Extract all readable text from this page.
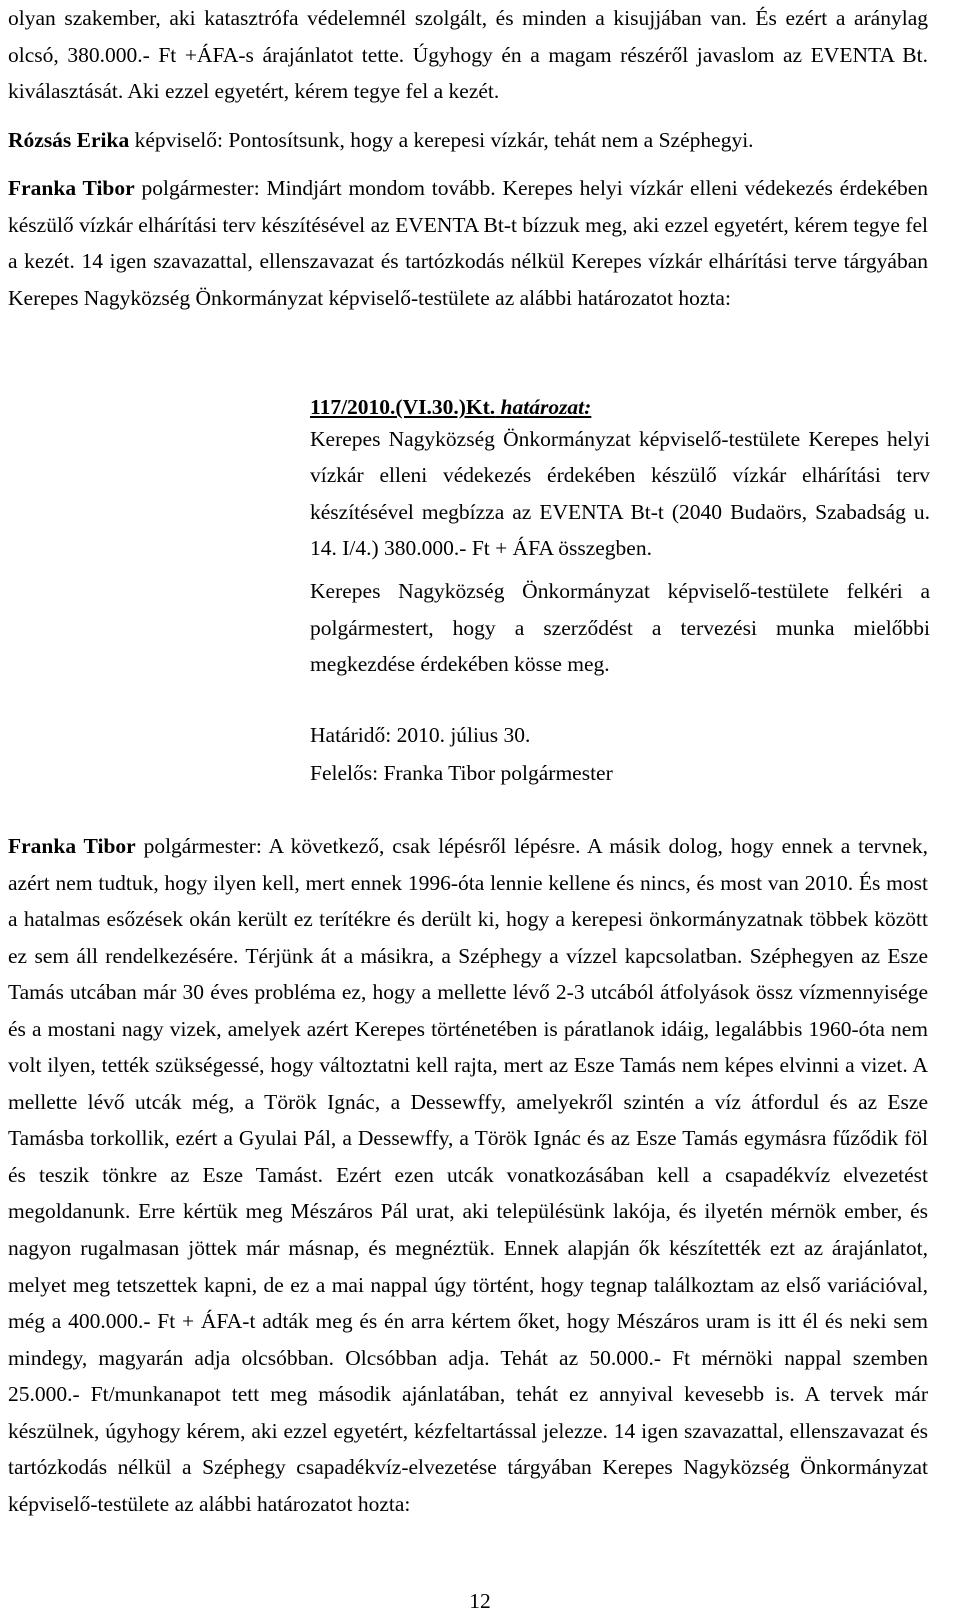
olyan szakember, aki katasztrófa védelemnél szolgált, és minden a kisujjában van. És ezért a aránylag olcsó, 380.000.- Ft +ÁFA-s árajánlatot tette. Úgyhogy én a magam részéről javaslom az EVENTA Bt. kiválasztását. Aki ezzel egyetért, kérem tegye fel a kezét.

Rózsás Erika képviselő: Pontosítsunk, hogy a kerepesi vízkár, tehát nem a Széphegyi.

Franka Tibor polgármester: Mindjárt mondom tovább. Kerepes helyi vízkár elleni védekezés érdekében készülő vízkár elhárítási terv készítésével az EVENTA Bt-t bízzuk meg, aki ezzel egyetért, kérem tegye fel a kezét. 14 igen szavazattal, ellenszavazat és tartózkodás nélkül Kerepes vízkár elhárítási terve tárgyában Kerepes Nagyközség Önkormányzat képviselő-testülete az alábbi határozatot hozta:

117/2010.(VI.30.)Kt. határozat:

Kerepes Nagyközség Önkormányzat képviselő-testülete Kerepes helyi vízkár elleni védekezés érdekében készülő vízkár elhárítási terv készítésével megbízza az EVENTA Bt-t (2040 Budaörs, Szabadság u. 14. I/4.) 380.000.- Ft + ÁFA összegben.

Kerepes Nagyközség Önkormányzat képviselő-testülete felkéri a polgármestert, hogy a szerződést a tervezési munka mielőbbi megkezdése érdekében kösse meg.

Határidő: 2010. július 30.

Felelős: Franka Tibor polgármester

Franka Tibor polgármester: A következő, csak lépésről lépésre. A másik dolog, hogy ennek a tervnek, azért nem tudtuk, hogy ilyen kell, mert ennek 1996-óta lennie kellene és nincs, és most van 2010. És most a hatalmas esőzések okán került ez terítékre és derült ki, hogy a kerepesi önkormányzatnak többek között ez sem áll rendelkezésére. Térjünk át a másikra, a Széphegy a vízzel kapcsolatban. Széphegyen az Esze Tamás utcában már 30 éves probléma ez, hogy a mellette lévő 2-3 utcából átfolyások össz vízmennyisége és a mostani nagy vizek, amelyek azért Kerepes történetében is páratlanok idáig, legalábbis 1960-óta nem volt ilyen, tették szükségessé, hogy változtatni kell rajta, mert az Esze Tamás nem képes elvinni a vizet. A mellette lévő utcák még, a Török Ignác, a Dessewffy, amelyekről szintén a víz átfordul és az Esze Tamásba torkollik, ezért a Gyulai Pál, a Dessewffy, a Török Ignác és az Esze Tamás egymásra fűződik föl és teszik tönkre az Esze Tamást. Ezért ezen utcák vonatkozásában kell a csapadékvíz elvezetést megoldanunk. Erre kértük meg Mészáros Pál urat, aki településünk lakója, és ilyetén mérnök ember, és nagyon rugalmasan jöttek már másnap, és megnéztük. Ennek alapján ők készítették ezt az árajánlatot, melyet meg tetszettek kapni, de ez a mai nappal úgy történt, hogy tegnap találkoztam az első variációval, még a 400.000.- Ft + ÁFA-t adták meg és én arra kértem őket, hogy Mészáros uram is itt él és neki sem mindegy, magyarán adja olcsóbban. Olcsóbban adja. Tehát az 50.000.- Ft mérnöki nappal szemben 25.000.- Ft/munkanapot tett meg második ajánlatában, tehát ez annyival kevesebb is. A tervek már készülnek, úgyhogy kérem, aki ezzel egyetért, kézfeltartással jelezze. 14 igen szavazattal, ellenszavazat és tartózkodás nélkül a Széphegy csapadékvíz-elvezetése tárgyában Kerepes Nagyközség Önkormányzat képviselő-testülete az alábbi határozatot hozta:

12
